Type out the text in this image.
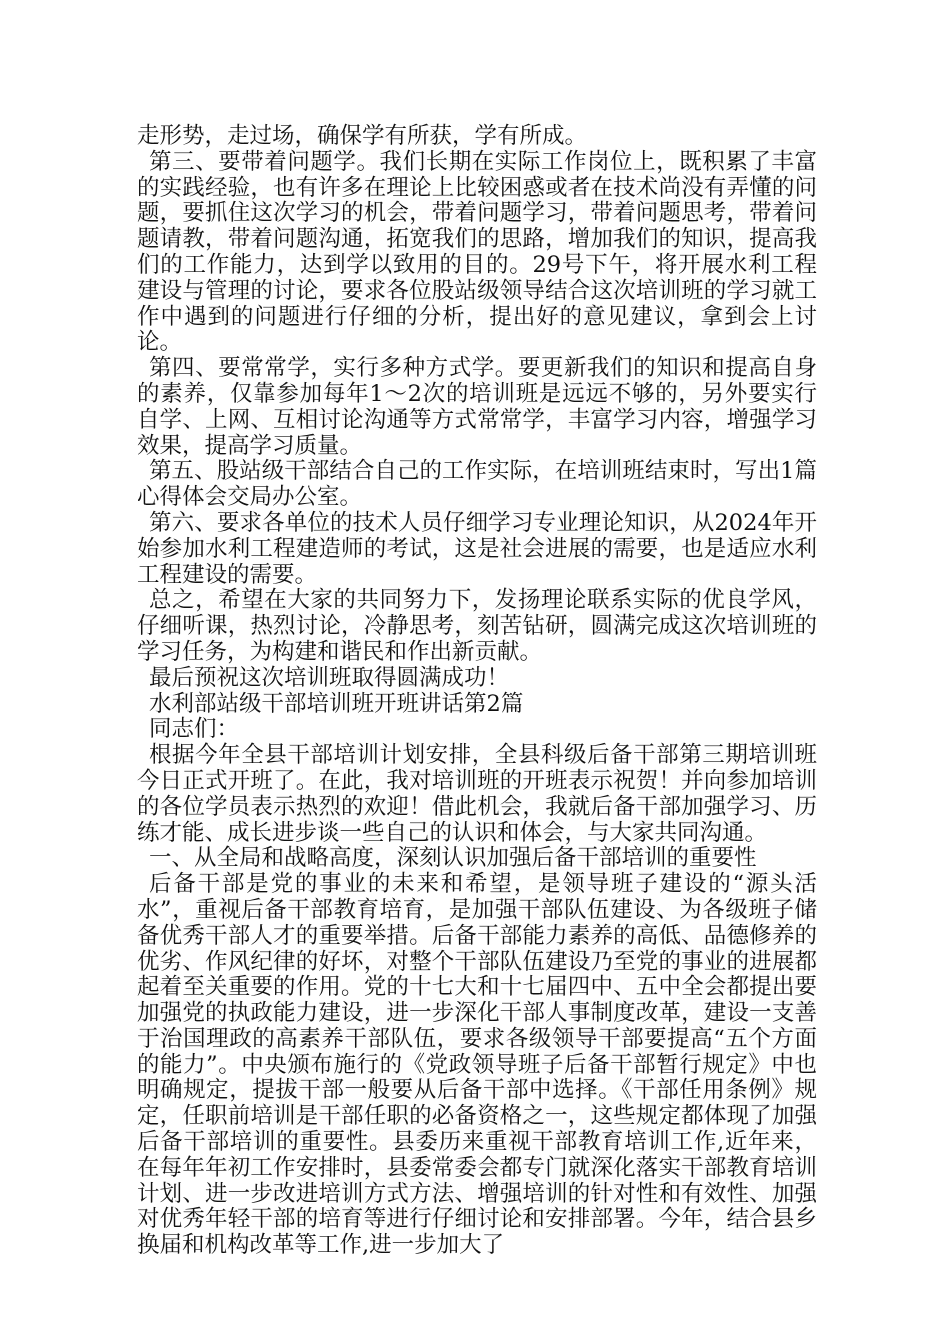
走形势，走过场，确保学有所获，学有所成。

第三、要带着问题学。我们长期在实际工作岗位上，既积累了丰富的实践经验，也有许多在理论上比较困惑或者在技术尚没有弄懂的问题，要抓住这次学习的机会，带着问题学习，带着问题思考，带着问题请教，带着问题沟通，拓宽我们的思路，增加我们的知识，提高我们的工作能力，达到学以致用的目的。29号下午，将开展水利工程建设与管理的讨论，要求各位股站级领导结合这次培训班的学习就工作中遇到的问题进行仔细的分析，提出好的意见建议，拿到会上讨论。

第四、要常常学，实行多种方式学。要更新我们的知识和提高自身的素养，仅靠参加每年1～2次的培训班是远远不够的，另外要实行自学、上网、互相讨论沟通等方式常常学，丰富学习内容，增强学习效果，提高学习质量。

第五、股站级干部结合自己的工作实际，在培训班结束时，写出1篇心得体会交局办公室。

第六、要求各单位的技术人员仔细学习专业理论知识，从2024年开始参加水利工程建造师的考试，这是社会进展的需要，也是适应水利工程建设的需要。

总之，希望在大家的共同努力下，发扬理论联系实际的优良学风，仔细听课，热烈讨论，冷静思考，刻苦钻研，圆满完成这次培训班的学习任务，为构建和谐民和作出新贡献。

最后预祝这次培训班取得圆满成功！

水利部站级干部培训班开班讲话第2篇

同志们：

根据今年全县干部培训计划安排，全县科级后备干部第三期培训班今日正式开班了。在此，我对培训班的开班表示祝贺！并向参加培训的各位学员表示热烈的欢迎！借此机会，我就后备干部加强学习、历练才能、成长进步谈一些自己的认识和体会，与大家共同沟通。

一、从全局和战略高度，深刻认识加强后备干部培训的重要性

后备干部是党的事业的未来和希望，是领导班子建设的“源头活水”，重视后备干部教育培育，是加强干部队伍建设、为各级班子储备优秀干部人才的重要举措。后备干部能力素养的高低、品德修养的优劣、作风纪律的好坏，对整个干部队伍建设乃至党的事业的进展都起着至关重要的作用。党的十七大和十七届四中、五中全会都提出要加强党的执政能力建设，进一步深化干部人事制度改革，建设一支善于治国理政的高素养干部队伍，要求各级领导干部要提高“五个方面的能力”。中央颁布施行的《党政领导班子后备干部暂行规定》中也明确规定，提拔干部一般要从后备干部中选择。《干部任用条例》规定，任职前培训是干部任职的必备资格之一，这些规定都体现了加强后备干部培训的重要性。县委历来重视干部教育培训工作,近年来，在每年年初工作安排时，县委常委会都专门就深化落实干部教育培训计划、进一步改进培训方式方法、增强培训的针对性和有效性、加强对优秀年轻干部的培育等进行仔细讨论和安排部署。今年，结合县乡换届和机构改革等工作,进一步加大了
